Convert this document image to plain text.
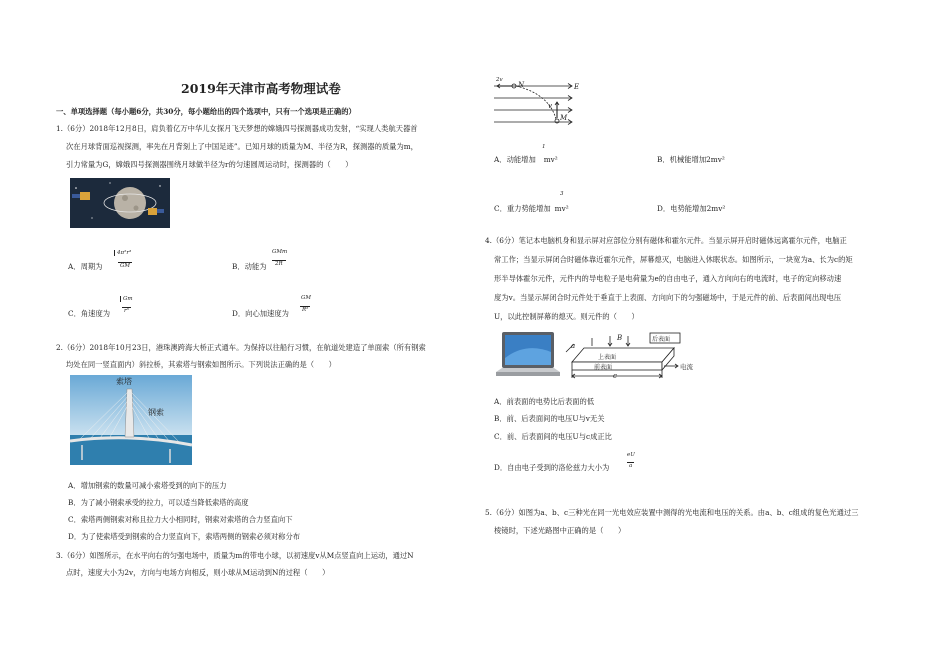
2019年天津市高考物理试卷
一、单项选择题（每小题6分，共30分，每小题给出的四个选项中，只有一个选项是正确的）
1.（6分）2018年12月8日，肩负着亿万中华儿女探月飞天梦想的嫦娥四号探测器成功发射，“实现人类航天器首
次在月球背面巡视探测，率先在月背刻上了中国足迹”。已知月球的质量为M、半径为R，探测器的质量为m，
引力常量为G，嫦娥四号探测器围绕月球做半径为r的匀速圆周运动时，探测器的（　　）
A．周期为
4π²r³
GM	B．动能为
GMm
2R
C．角速度为
Gm
r³	D．向心加速度为
GM
R²
2.（6分）2018年10月23日，港珠澳跨海大桥正式通车。为保持以往船行习惯，在航道处建造了单面索（所有钢索
均处在同一竖直面内）斜拉桥，其索塔与钢索如图所示。下列说法正确的是（　　）
索塔
钢索
A．增加钢索的数量可减小索塔受到的向下的压力
B．为了减小钢索承受的拉力，可以适当降低索塔的高度
C．索塔两侧钢索对称且拉力大小相同时，钢索对索塔的合力竖直向下
D．为了使索塔受到钢索的合力竖直向下，索塔两侧的钢索必须对称分布
3.（6分）如图所示，在水平向右的匀强电场中，质量为m的带电小球，以初速度v从M点竖直向上运动，通过N
点时，速度大小为2v，方向与电场方向相反，则小球从M运动到N的过程（　　）
2v
N	E
v
M
1
A．动能增加 mv²	B．机械能增加2mv²
3
C．重力势能增加 mv²	D．电势能增加2mv²
4.（6分）笔记本电脑机身和显示屏对应部位分别有磁体和霍尔元件。当显示屏开启时磁体远离霍尔元件，电脑正
常工作；当显示屏闭合时磁体靠近霍尔元件，屏幕熄灭，电脑进入休眠状态。如图所示，一块宽为a、长为c的矩
形半导体霍尔元件，元件内的导电粒子是电荷量为e的自由电子，通入方向向右的电流时，电子的定向移动速
度为v。当显示屏闭合时元件处于垂直于上表面、方向向下的匀强磁场中，于是元件的前、后表面间出现电压
U，以此控制屏幕的熄灭。则元件的（　　）
B	后表面
上表面
前表面
a
c
电流
A．前表面的电势比后表面的低
B．前、后表面间的电压U与v无关
C．前、后表面间的电压U与c成正比
D．自由电子受到的洛伦兹力大小为
eU
a
5.（6分）如图为a、b、c三种光在同一光电效应装置中测得的光电流和电压的关系。由a、b、c组成的复色光通过三
棱镜时，下述光路图中正确的是（　　）
